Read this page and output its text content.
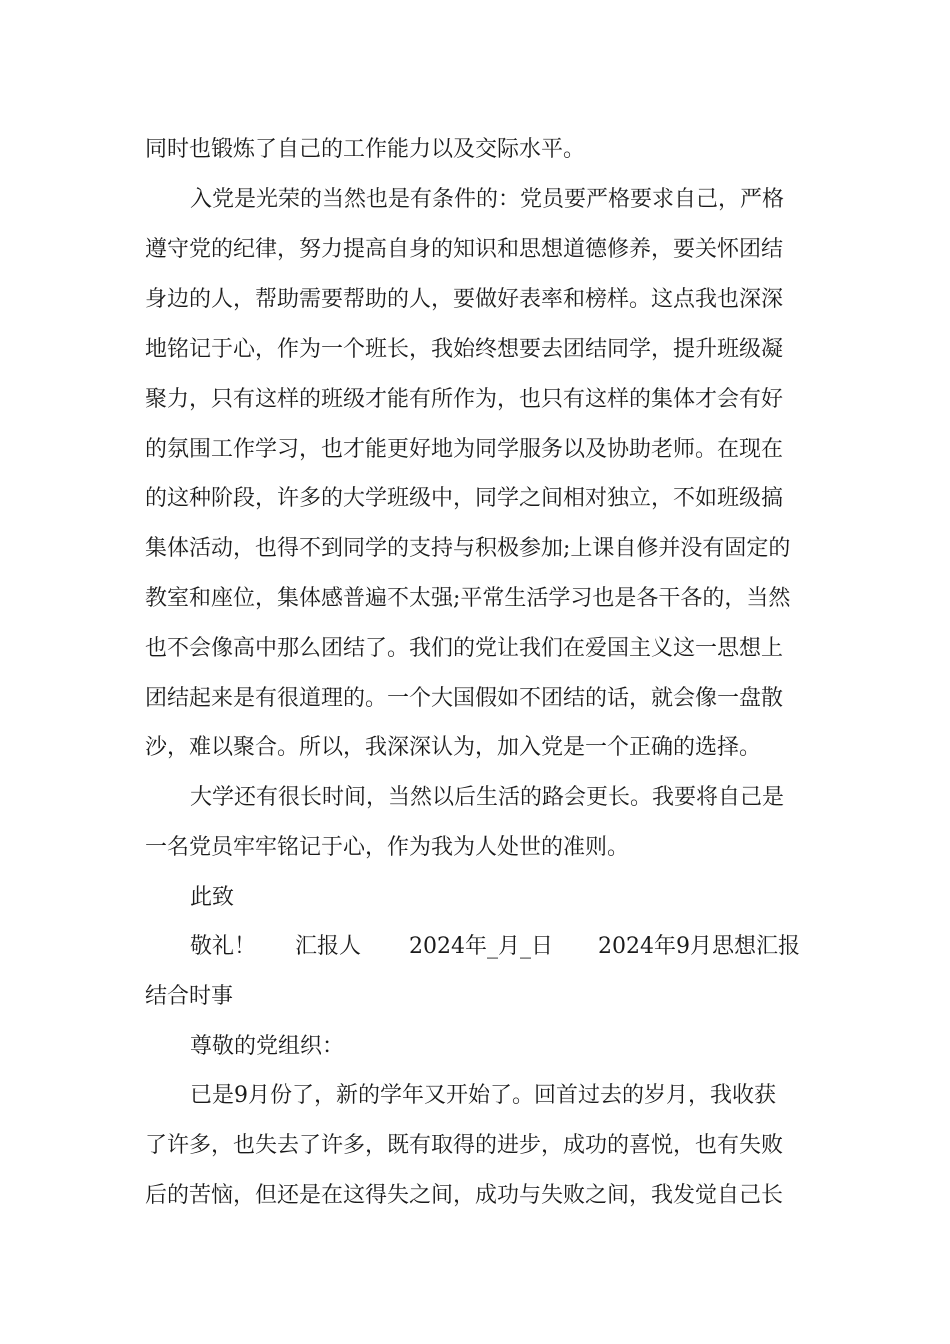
同时也锻炼了自己的工作能力以及交际水平。
入党是光荣的当然也是有条件的：党员要严格要求自己，严格
遵守党的纪律，努力提高自身的知识和思想道德修养，要关怀团结
身边的人，帮助需要帮助的人，要做好表率和榜样。这点我也深深
地铭记于心，作为一个班长，我始终想要去团结同学，提升班级凝
聚力，只有这样的班级才能有所作为，也只有这样的集体才会有好
的氛围工作学习，也才能更好地为同学服务以及协助老师。在现在
的这种阶段，许多的大学班级中，同学之间相对独立，不如班级搞
集体活动，也得不到同学的支持与积极参加;上课自修并没有固定的
教室和座位，集体感普遍不太强;平常生活学习也是各干各的，当然
也不会像高中那么团结了。我们的党让我们在爱国主义这一思想上
团结起来是有很道理的。一个大国假如不团结的话，就会像一盘散
沙，难以聚合。所以，我深深认为，加入党是一个正确的选择。
大学还有很长时间，当然以后生活的路会更长。我要将自己是
一名党员牢牢铭记于心，作为我为人处世的准则。
此致
敬礼！ 汇报人 2024年_月_日 2024年9月思想汇报
结合时事
尊敬的党组织：
已是9月份了，新的学年又开始了。回首过去的岁月，我收获
了许多，也失去了许多，既有取得的进步，成功的喜悦，也有失败
后的苦恼，但还是在这得失之间，成功与失败之间，我发觉自己长
